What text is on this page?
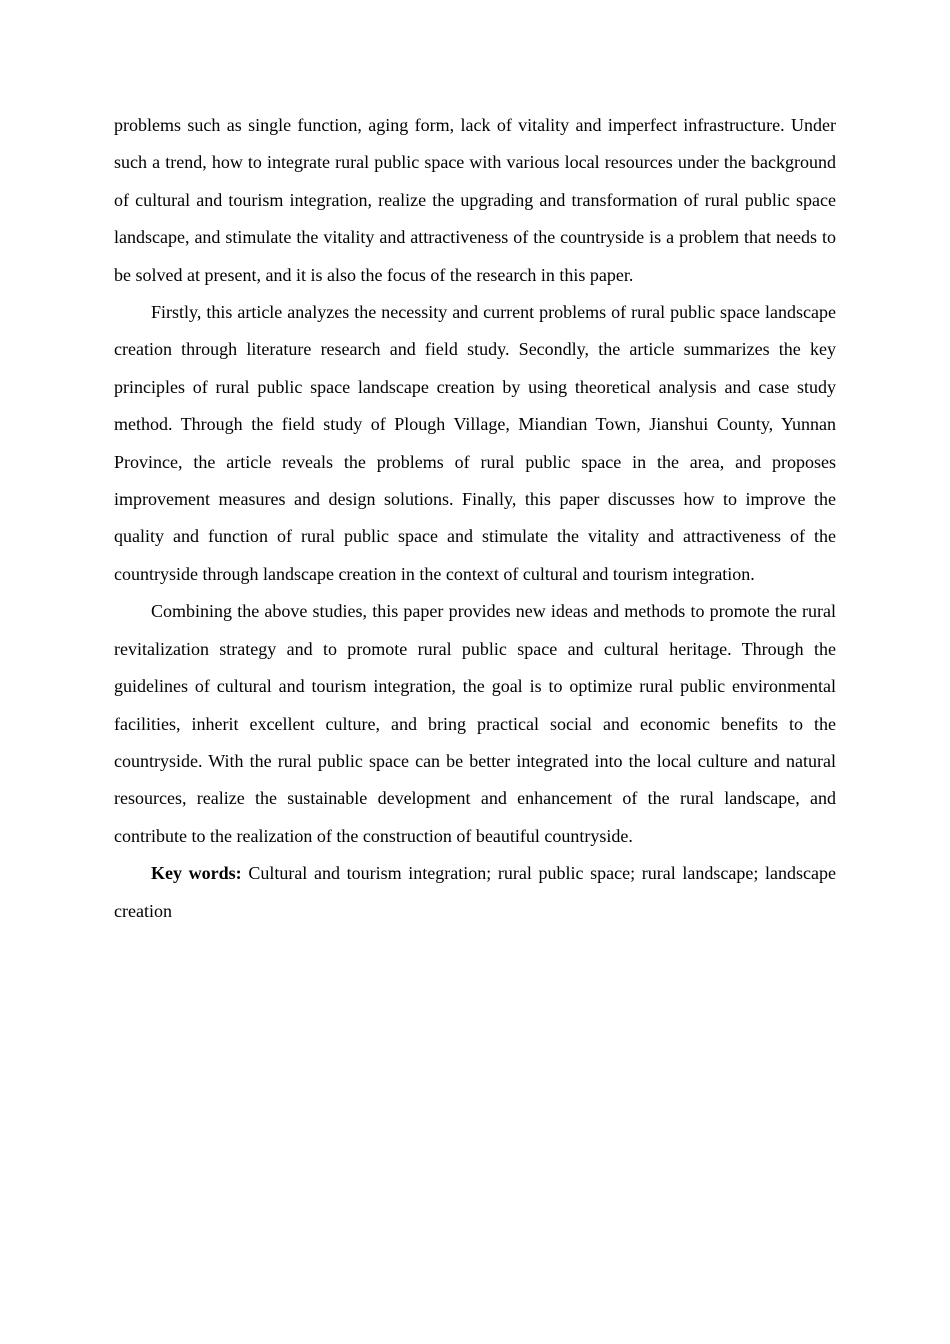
problems such as single function, aging form, lack of vitality and imperfect infrastructure. Under such a trend, how to integrate rural public space with various local resources under the background of cultural and tourism integration, realize the upgrading and transformation of rural public space landscape, and stimulate the vitality and attractiveness of the countryside is a problem that needs to be solved at present, and it is also the focus of the research in this paper.

Firstly, this article analyzes the necessity and current problems of rural public space landscape creation through literature research and field study. Secondly, the article summarizes the key principles of rural public space landscape creation by using theoretical analysis and case study method. Through the field study of Plough Village, Miandian Town, Jianshui County, Yunnan Province, the article reveals the problems of rural public space in the area, and proposes improvement measures and design solutions. Finally, this paper discusses how to improve the quality and function of rural public space and stimulate the vitality and attractiveness of the countryside through landscape creation in the context of cultural and tourism integration.

Combining the above studies, this paper provides new ideas and methods to promote the rural revitalization strategy and to promote rural public space and cultural heritage. Through the guidelines of cultural and tourism integration, the goal is to optimize rural public environmental facilities, inherit excellent culture, and bring practical social and economic benefits to the countryside. With the rural public space can be better integrated into the local culture and natural resources, realize the sustainable development and enhancement of the rural landscape, and contribute to the realization of the construction of beautiful countryside.

Key words: Cultural and tourism integration; rural public space; rural landscape; landscape creation
